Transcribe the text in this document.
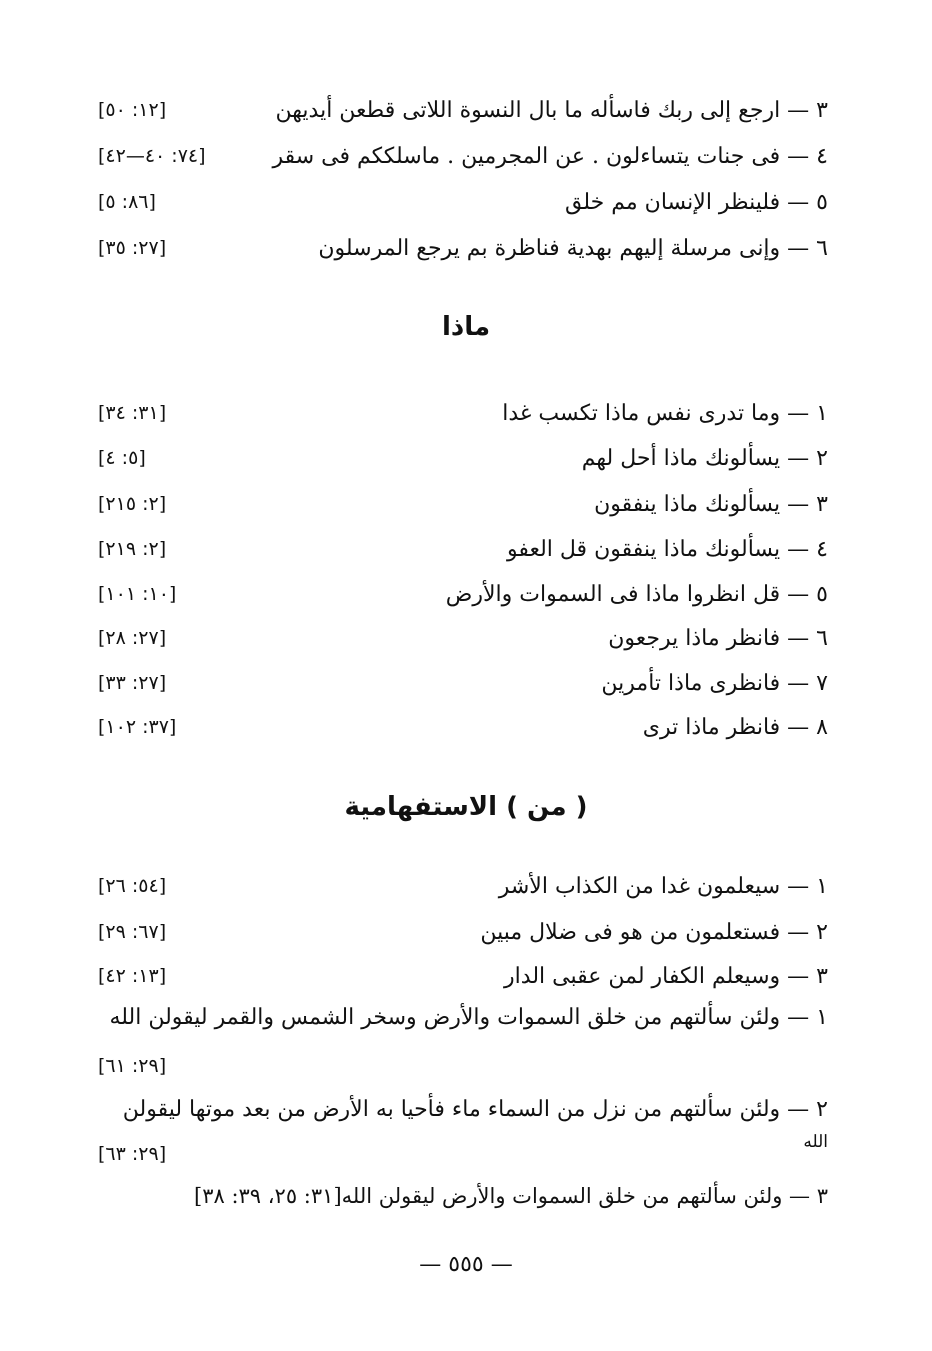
٣ — ارجع إلى ربك فاسأله ما بال النسوة اللاتى قطعن أيديهن
[١٢: ٥٠]
٤ — فى جنات يتساءلون . عن المجرمين . ماسلككم فى سقر
[٧٤: ٤٠—٤٢]
٥ — فلينظر الإنسان مم خلق
[٨٦: ٥]
٦ — وإنى مرسلة إليهم بهدية فناظرة بم يرجع المرسلون
[٢٧: ٣٥]
ماذا
١ — وما تدرى نفس ماذا تكسب غدا
[٣١: ٣٤]
٢ — يسألونك ماذا أحل لهم
[٥: ٤]
٣ — يسألونك ماذا ينفقون
[٢: ٢١٥]
٤ — يسألونك ماذا ينفقون قل العفو
[٢: ٢١٩]
٥ — قل انظروا ماذا فى السموات والأرض
[١٠: ١٠١]
٦ — فانظر ماذا يرجعون
[٢٧: ٢٨]
٧ — فانظرى ماذا تأمرين
[٢٧: ٣٣]
٨ — فانظر ماذا ترى
[٣٧: ١٠٢]
( من ) الاستفهامية
١ — سيعلمون غدا من الكذاب الأشر
[٥٤: ٢٦]
٢ — فستعلمون من هو فى ضلال مبين
[٦٧: ٢٩]
٣ — وسيعلم الكفار لمن عقبى الدار
[١٣: ٤٢]
١ — ولئن سألتهم من خلق السموات والأرض وسخر الشمس والقمر ليقولن الله
[٢٩: ٦١]
٢ — ولئن سألتهم من نزل من السماء ماء فأحيا به الأرض من بعد موتها ليقولن
الله
[٢٩: ٦٣]
٣ — ولئن سألتهم من خلق السموات والأرض ليقولن الله[٣١: ٢٥، ٣٩: ٣٨]
— ٥٥٥ —
